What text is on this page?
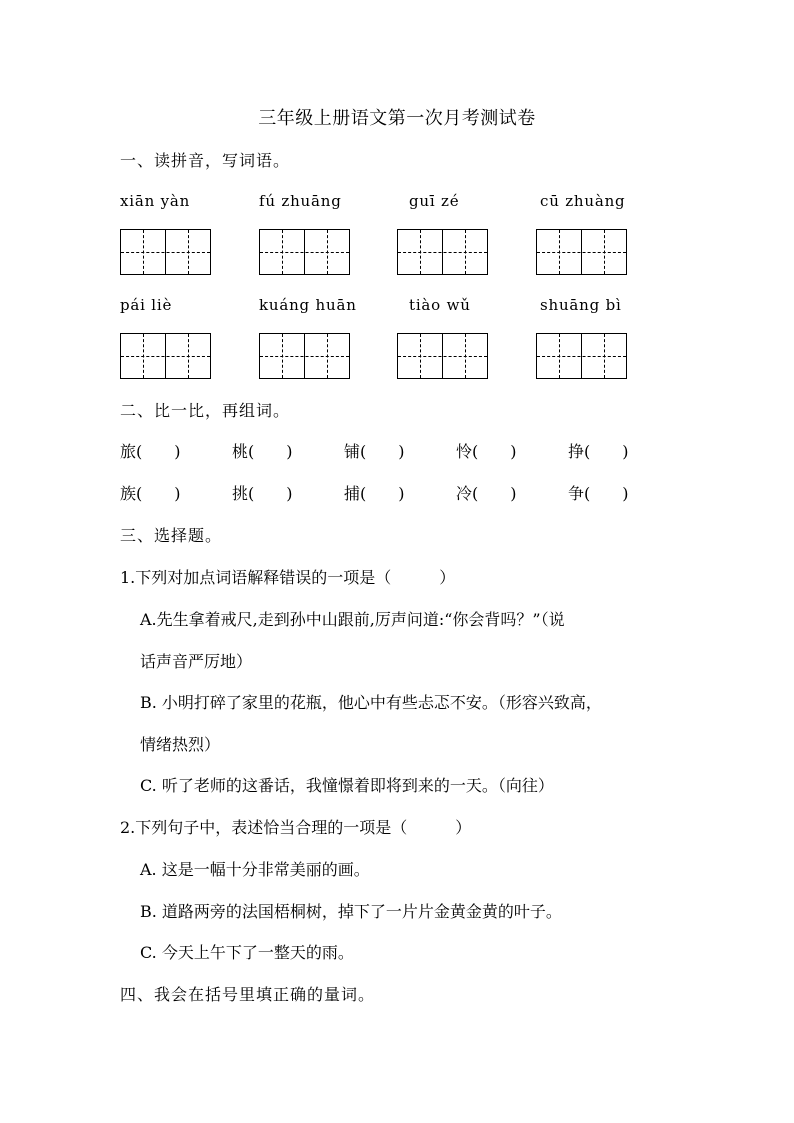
三年级上册语文第一次月考测试卷
一、读拼音，写词语。
xiān yàn	fú zhuāng	guī zé	cū zhuàng
pái liè	kuáng huān	tiào wǔ	shuāng bì
二、比一比，再组词。
旅(　　)	桃(　　)	铺(　　)	怜(　　)	挣(　　)
族(　　)	挑(　　)	捕(　　)	冷(　　)	争(　　)
三、选择题。
1.下列对加点词语解释错误的一项是（　　　）
A.先生拿着戒尺,走到孙中山跟前,厉声问道:“你会背吗？”（说
话声音严厉地）
B. 小明打碎了家里的花瓶，他心中有些忐忑不安。（形容兴致高，
情绪热烈）
C. 听了老师的这番话，我憧憬着即将到来的一天。（向往）
2.下列句子中，表述恰当合理的一项是（　　　）
A. 这是一幅十分非常美丽的画。
B. 道路两旁的法国梧桐树，掉下了一片片金黄金黄的叶子。
C. 今天上午下了一整天的雨。
四、我会在括号里填正确的量词。
